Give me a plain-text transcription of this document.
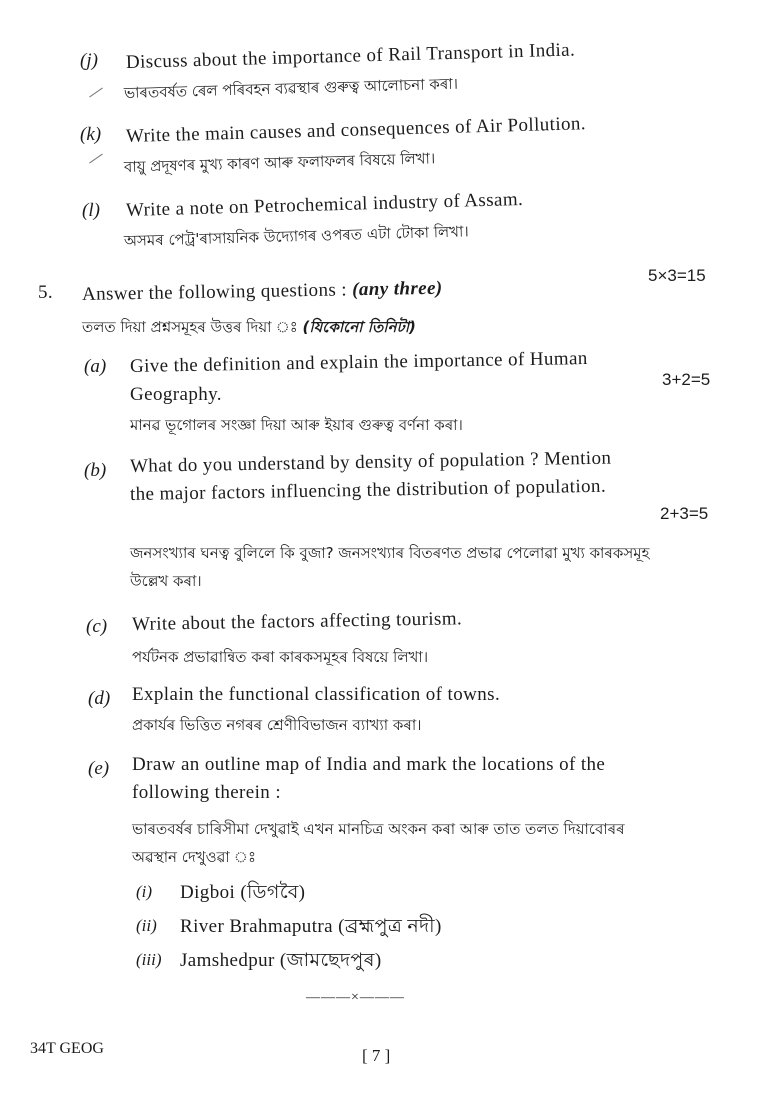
(j) Discuss about the importance of Rail Transport in India.
ভাৰতবৰ্ষত ৰেল পৰিবহন ব্যৱস্থাৰ গুৰুত্ব আলোচনা কৰা।
(k) Write the main causes and consequences of Air Pollution.
বায়ু প্ৰদূষণৰ মুখ্য কাৰণ আৰু ফলাফলৰ বিষয়ে লিখা।
(l) Write a note on Petrochemical industry of Assam.
অসমৰ পেট্ৰ'ৰাসায়নিক উদ্যোগৰ ওপৰত এটা টোকা লিখা।
5. Answer the following questions : (any three)
5×3=15
তলত দিয়া প্ৰশ্নসমূহৰ উত্তৰ দিয়া ঃ (যিকোনো তিনিটা)
(a) Give the definition and explain the importance of Human
Geography.
3+2=5
মানৱ ভূগোলৰ সংজ্ঞা দিয়া আৰু ইয়াৰ গুৰুত্ব বৰ্ণনা কৰা।
(b) What do you understand by density of population ? Mention
the major factors influencing the distribution of population.
2+3=5
জনসংখ্যাৰ ঘনত্ব বুলিলে কি বুজা? জনসংখ্যাৰ বিতৰণত প্ৰভাৱ পেলোৱা মুখ্য কাৰকসমূহ
উল্লেখ কৰা।
(c) Write about the factors affecting tourism.
পৰ্যটনক প্ৰভাৱান্বিত কৰা কাৰকসমূহৰ বিষয়ে লিখা।
(d) Explain the functional classification of towns.
প্ৰকাৰ্যৰ ভিত্তিত নগৰৰ শ্ৰেণীবিভাজন ব্যাখ্যা কৰা।
(e) Draw an outline map of India and mark the locations of the
following therein :
ভাৰতবৰ্ষৰ চাৰিসীমা দেখুৱাই এখন মানচিত্ৰ অংকন কৰা আৰু তাত তলত দিয়াবোৰৰ
অৱস্থান দেখুওৱা ঃ
(i) Digboi (ডিগবৈ)
(ii) River Brahmaputra (ব্ৰহ্মপুত্ৰ নদী)
(iii) Jamshedpur (জামছেদপুৰ)
———×———
34T GEOG	[ 7 ]
